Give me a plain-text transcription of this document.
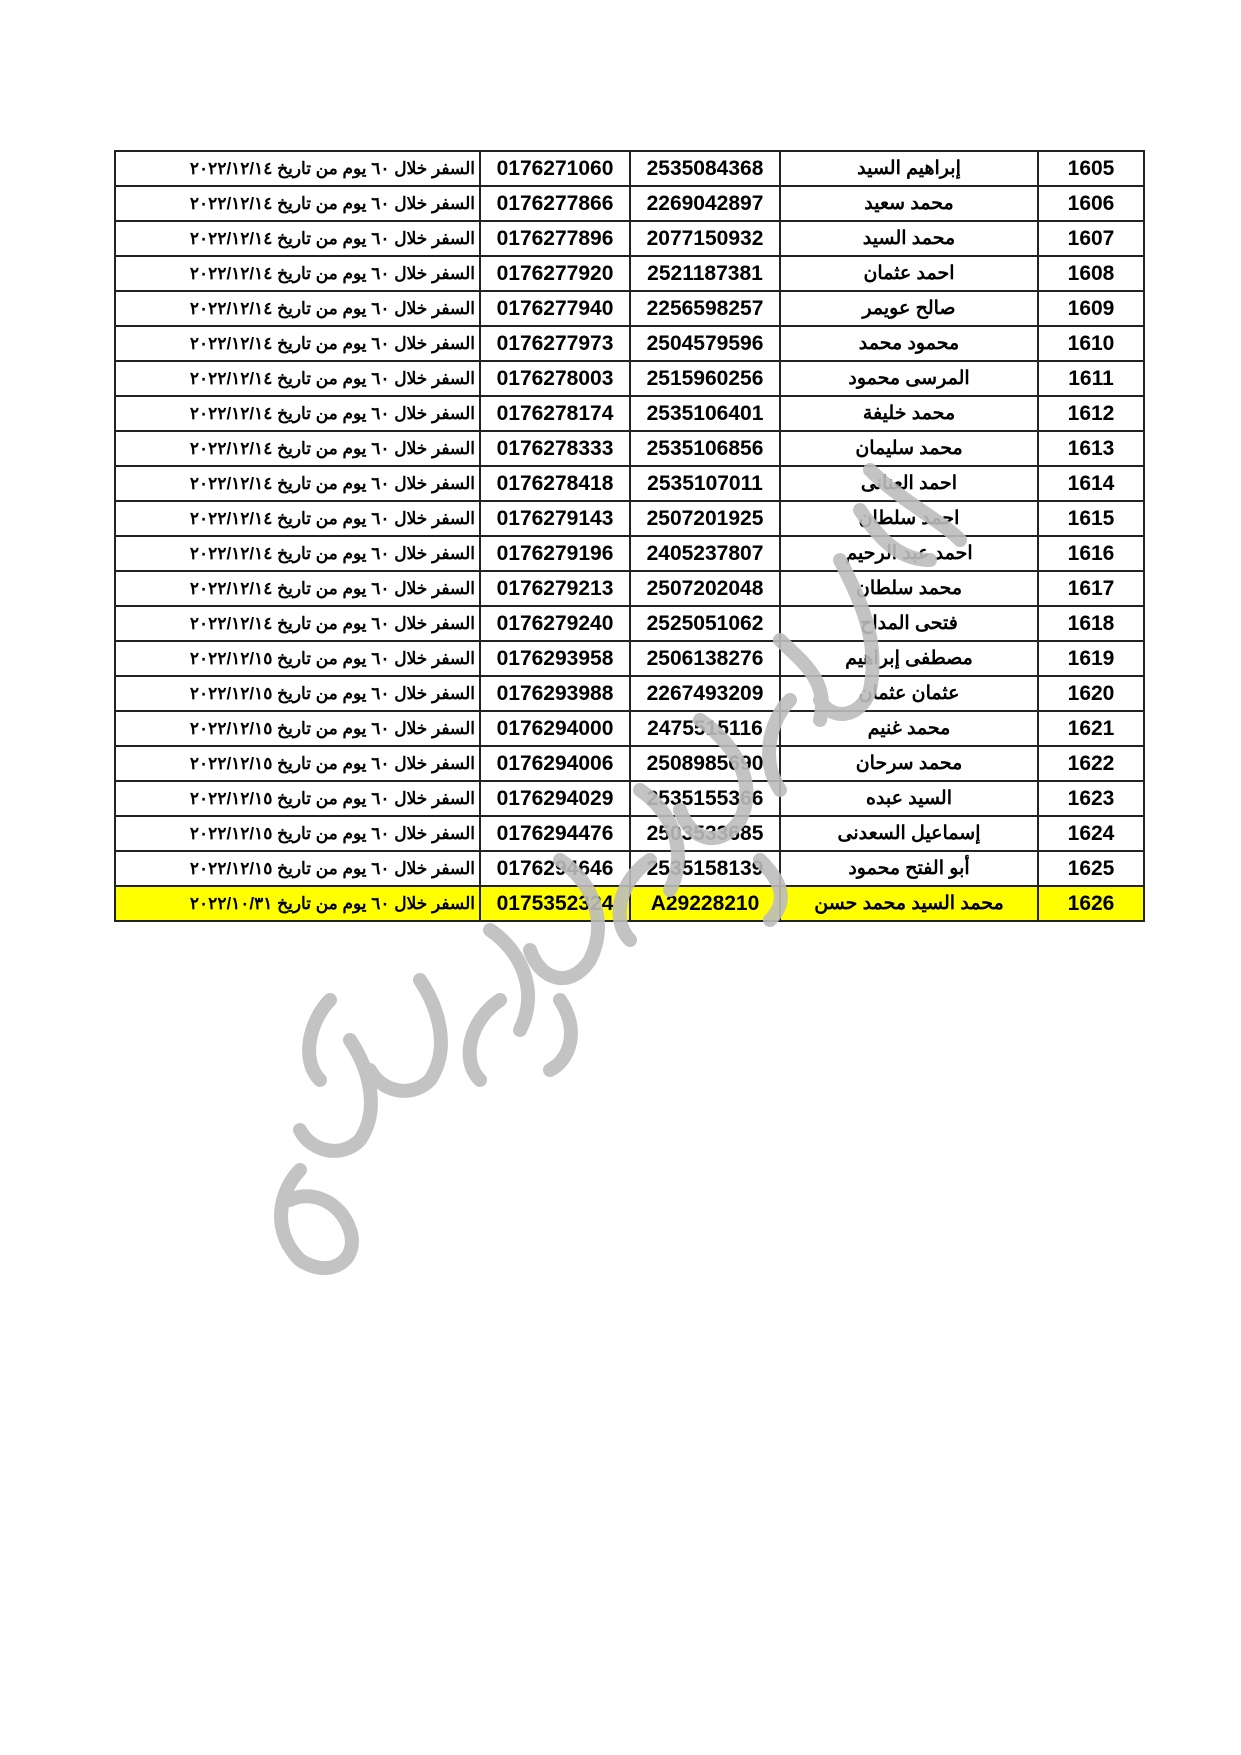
1605	إبراهيم السيد	2535084368	0176271060	السفر خلال ٦٠ يوم من تاريخ ٢٠٢٢/١٢/١٤
1606	محمد سعيد	2269042897	0176277866	السفر خلال ٦٠ يوم من تاريخ ٢٠٢٢/١٢/١٤
1607	محمد السيد	2077150932	0176277896	السفر خلال ٦٠ يوم من تاريخ ٢٠٢٢/١٢/١٤
1608	احمد عثمان	2521187381	0176277920	السفر خلال ٦٠ يوم من تاريخ ٢٠٢٢/١٢/١٤
1609	صالح عويمر	2256598257	0176277940	السفر خلال ٦٠ يوم من تاريخ ٢٠٢٢/١٢/١٤
1610	محمود محمد	2504579596	0176277973	السفر خلال ٦٠ يوم من تاريخ ٢٠٢٢/١٢/١٤
1611	المرسى محمود	2515960256	0176278003	السفر خلال ٦٠ يوم من تاريخ ٢٠٢٢/١٢/١٤
1612	محمد خليفة	2535106401	0176278174	السفر خلال ٦٠ يوم من تاريخ ٢٠٢٢/١٢/١٤
1613	محمد سليمان	2535106856	0176278333	السفر خلال ٦٠ يوم من تاريخ ٢٠٢٢/١٢/١٤
1614	احمد العنانى	2535107011	0176278418	السفر خلال ٦٠ يوم من تاريخ ٢٠٢٢/١٢/١٤
1615	احمد سلطان	2507201925	0176279143	السفر خلال ٦٠ يوم من تاريخ ٢٠٢٢/١٢/١٤
1616	احمد عبد الرحيم	2405237807	0176279196	السفر خلال ٦٠ يوم من تاريخ ٢٠٢٢/١٢/١٤
1617	محمد سلطان	2507202048	0176279213	السفر خلال ٦٠ يوم من تاريخ ٢٠٢٢/١٢/١٤
1618	فتحى المداح	2525051062	0176279240	السفر خلال ٦٠ يوم من تاريخ ٢٠٢٢/١٢/١٤
1619	مصطفى إبراهيم	2506138276	0176293958	السفر خلال ٦٠ يوم من تاريخ ٢٠٢٢/١٢/١٥
1620	عثمان عثمان	2267493209	0176293988	السفر خلال ٦٠ يوم من تاريخ ٢٠٢٢/١٢/١٥
1621	محمد غنيم	2475515116	0176294000	السفر خلال ٦٠ يوم من تاريخ ٢٠٢٢/١٢/١٥
1622	محمد سرحان	2508985690	0176294006	السفر خلال ٦٠ يوم من تاريخ ٢٠٢٢/١٢/١٥
1623	السيد عبده	2535155366	0176294029	السفر خلال ٦٠ يوم من تاريخ ٢٠٢٢/١٢/١٥
1624	إسماعيل السعدنى	2503533685	0176294476	السفر خلال ٦٠ يوم من تاريخ ٢٠٢٢/١٢/١٥
1625	أبو الفتح محمود	2535158139	0176294646	السفر خلال ٦٠ يوم من تاريخ ٢٠٢٢/١٢/١٥
1626	محمد السيد محمد حسن	A29228210	0175352324	السفر خلال ٦٠ يوم من تاريخ ٢٠٢٢/١٠/٣١
